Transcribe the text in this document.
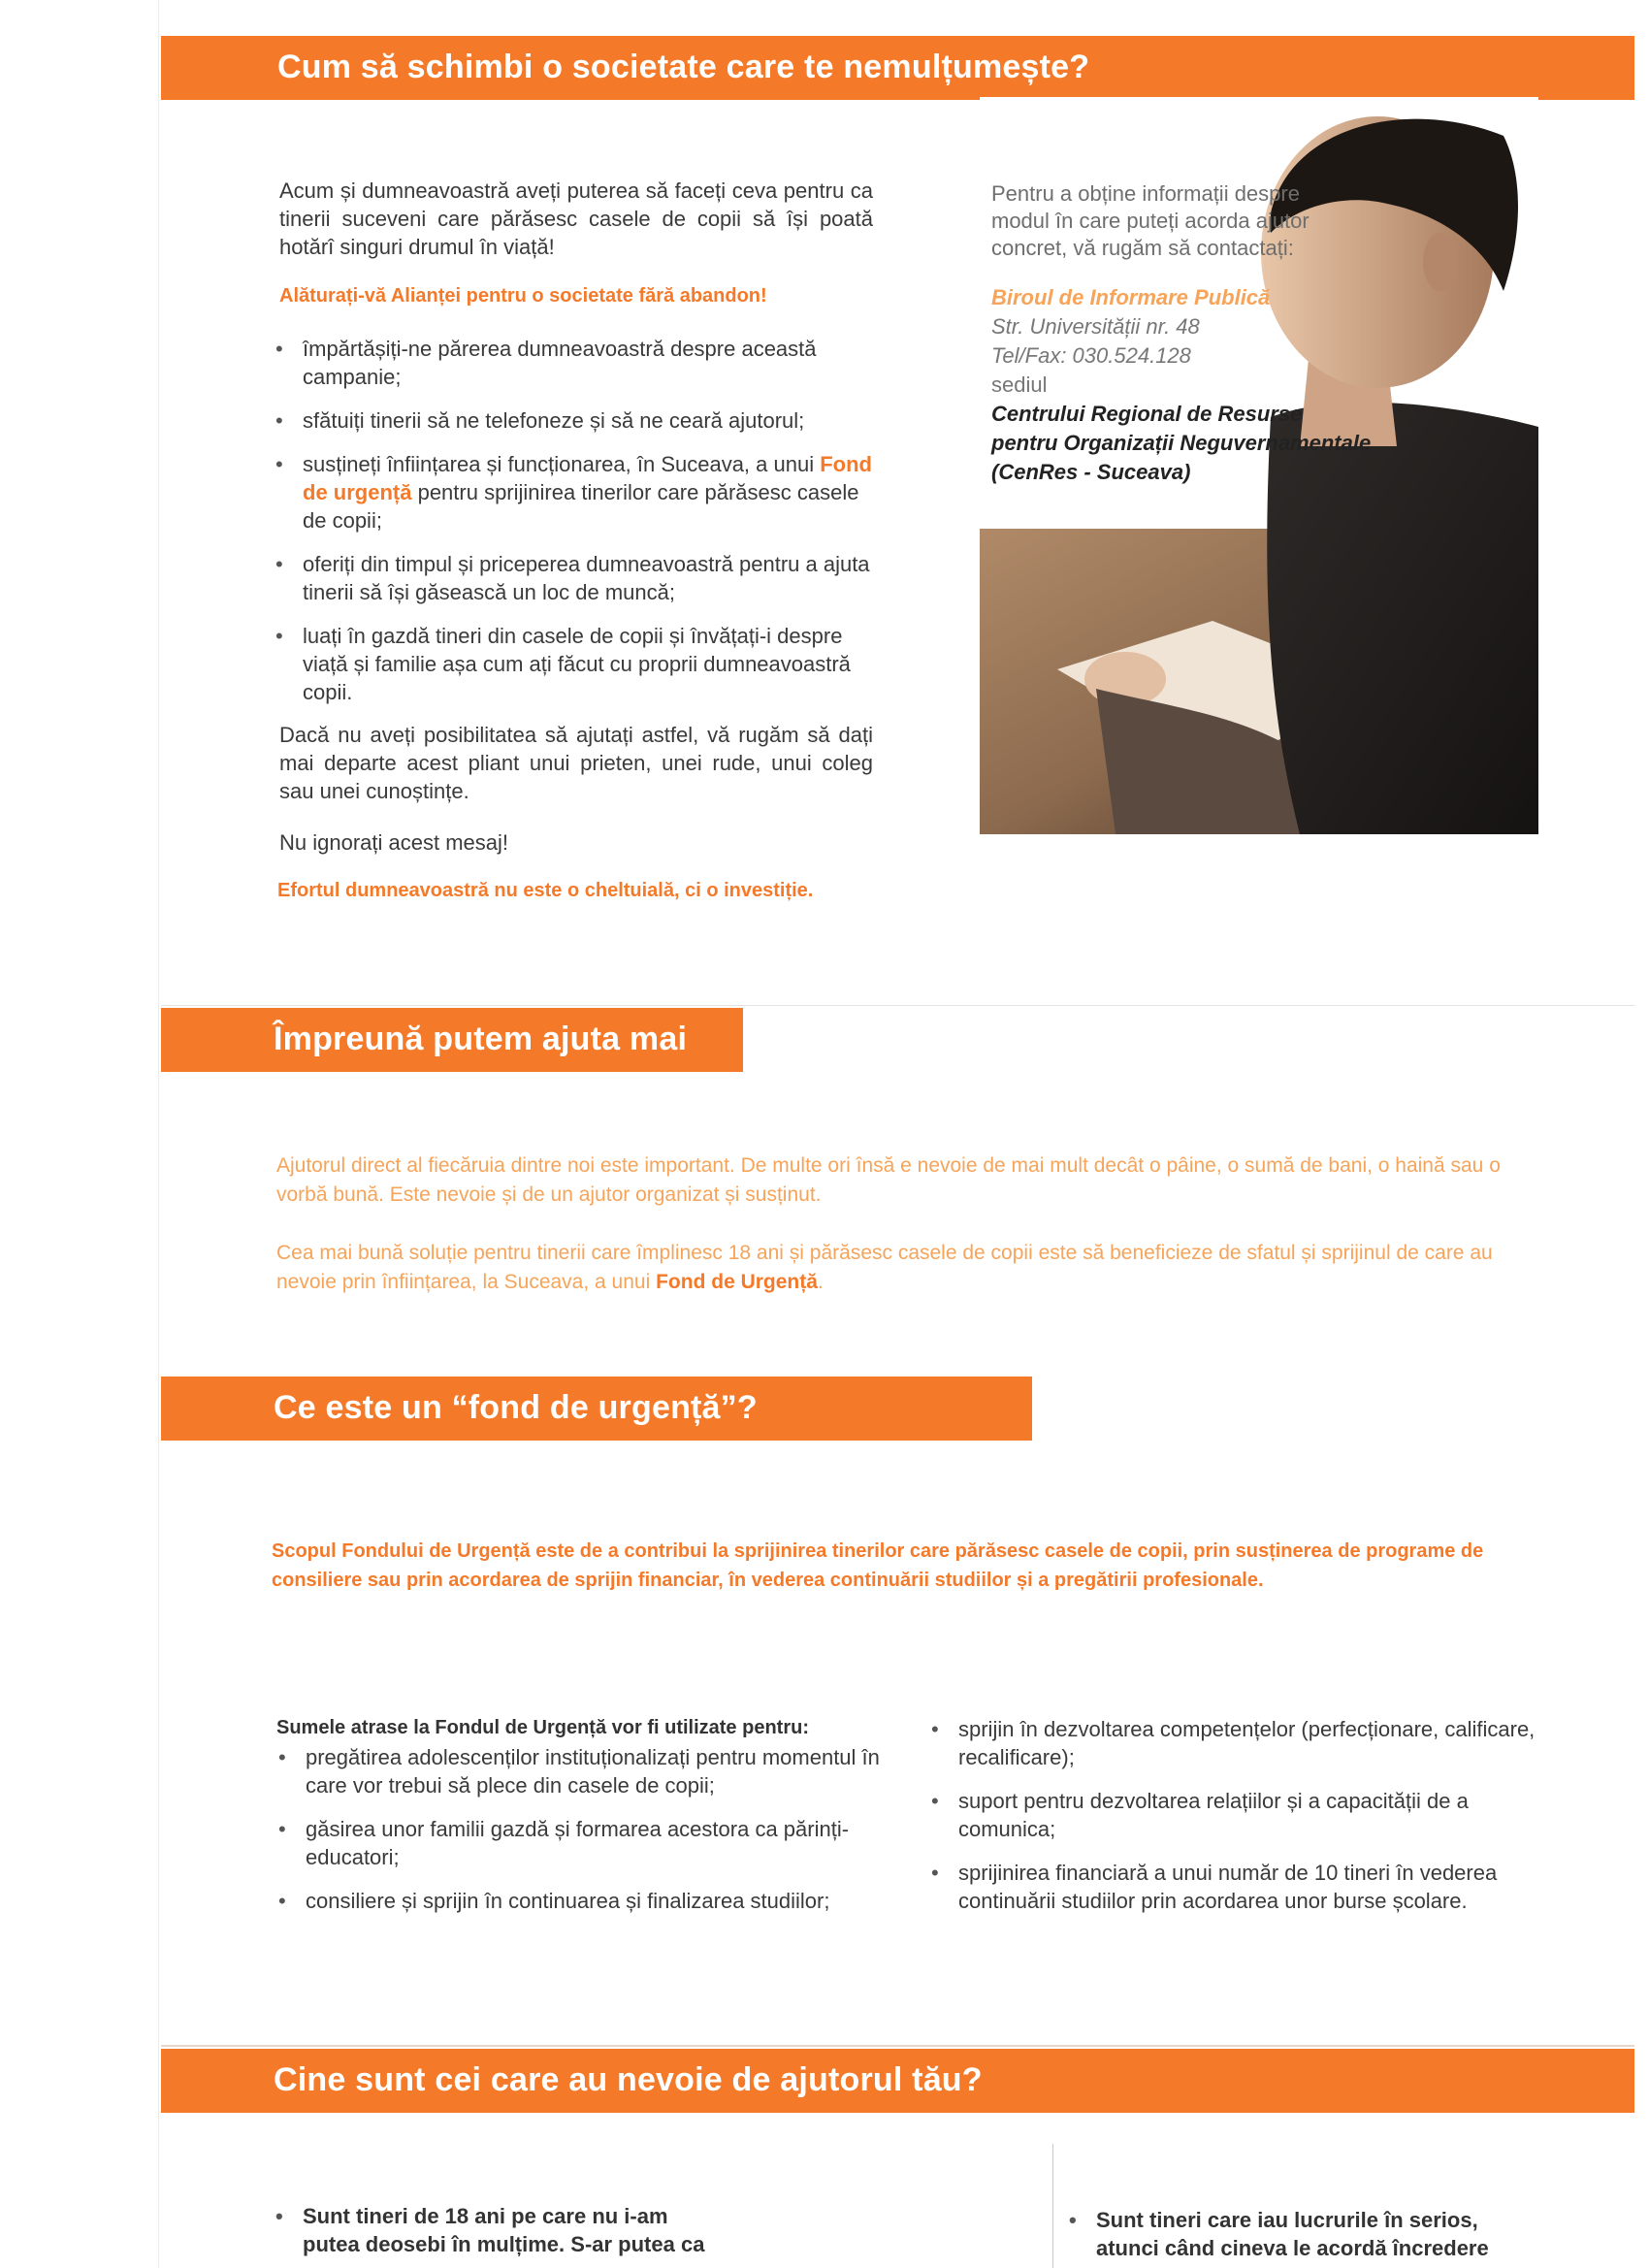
Cum să schimbi o societate care te nemulțumește?
Acum și dumneavoastră aveți puterea să faceți ceva pentru ca tinerii suceveni care părăsesc casele de copii să își poată hotărî singuri drumul în viață!
Alăturați-vă Alianței pentru o societate fără abandon!
• împărtășiți-ne părerea dumneavoastră despre această campanie;
• sfătuiți tinerii să ne telefoneze și să ne ceară ajutorul;
• susțineți înființarea și funcționarea, în Suceava, a unui Fond de urgență pentru sprijinirea tinerilor care părăsesc casele de copii;
• oferiți din timpul și priceperea dumneavoastră pentru a ajuta tinerii să își găsească un loc de muncă;
• luați în gazdă tineri din casele de copii și învățați-i despre viață și familie așa cum ați făcut cu proprii dumneavoastră copii.
Dacă nu aveți posibilitatea să ajutați astfel, vă rugăm să dați mai departe acest pliant unui prieten, unei rude, unui coleg sau unei cunoștințe.
Nu ignorați acest mesaj!
Efortul dumneavoastră nu este o cheltuială, ci o investiție.
Pentru a obține informații despre modul în care puteți acorda ajutor concret, vă rugăm să contactați:
Biroul de Informare Publică
Str. Universității nr. 48
Tel/Fax: 030.524.128
sediul
Centrului Regional de Resurse
pentru Organizații Neguvernamentale
(CenRes - Suceava)
Împreună putem ajuta mai mult
Ajutorul direct al fiecăruia dintre noi este important. De multe ori însă e nevoie de mai mult decât o pâine, o sumă de bani, o haină sau o vorbă bună. Este nevoie și de un ajutor organizat și susținut.
Cea mai bună soluție pentru tinerii care împlinesc 18 ani și părăsesc casele de copii este să beneficieze de sfatul și sprijinul de care au nevoie prin înființarea, la Suceava, a unui Fond de Urgență.
Ce este un “fond de urgență”?
Scopul Fondului de Urgență este de a contribui la sprijinirea tinerilor care părăsesc casele de copii, prin susținerea de programe de consiliere sau prin acordarea de sprijin financiar, în vederea continuării studiilor și a pregătirii profesionale.
Sumele atrase la Fondul de Urgență vor fi utilizate pentru:
• pregătirea adolescenților instituționalizați pentru momentul în care vor trebui să plece din casele de copii;
• găsirea unor familii gazdă și formarea acestora ca părinți-educatori;
• consiliere și sprijin în continuarea și finalizarea studiilor;
• sprijin în dezvoltarea competențelor (perfecționare, calificare, recalificare);
• suport pentru dezvoltarea relațiilor și a capacității de a comunica;
• sprijinirea financiară a unui număr de 10 tineri în vederea continuării studiilor prin acordarea unor burse școlare.
Cine sunt cei care au nevoie de ajutorul tău?
• Sunt tineri de 18 ani pe care nu i-am
putea deosebi în mulțime. S-ar putea ca
• Sunt tineri care iau lucrurile în serios,
atunci când cineva le acordă încredere
